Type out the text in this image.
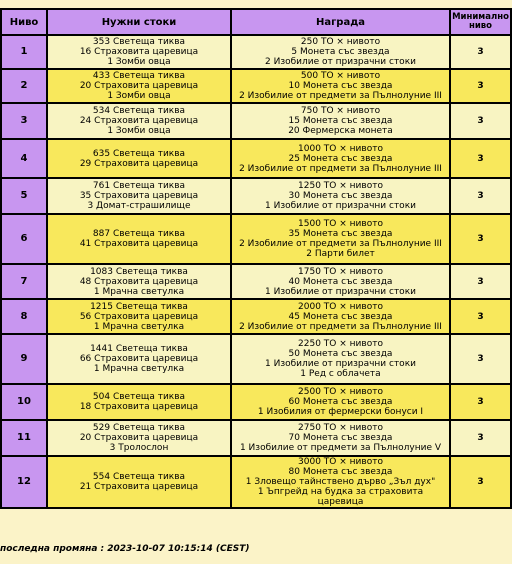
Ниво	Нужни стоки	Награда	Минимално ниво
1	353 Светеща тиква
16 Страховита царевица
1 Зомби овца	250 ТО × нивото
5 Монета със звезда
2 Изобилие от призрачни стоки	3
2	433 Светеща тиква
20 Страховита царевица
1 Зомби овца	500 ТО × нивото
10 Монета със звезда
2 Изобилие от предмети за Пълнолуние III	3
3	534 Светеща тиква
24 Страховита царевица
1 Зомби овца	750 ТО × нивото
15 Монета със звезда
20 Фермерска монета	3
4	635 Светеща тиква
29 Страховита царевица	1000 ТО × нивото
25 Монета със звезда
2 Изобилие от предмети за Пълнолуние III	3
5	761 Светеща тиква
35 Страховита царевица
3 Домат-страшилище	1250 ТО × нивото
30 Монета със звезда
1 Изобилие от призрачни стоки	3
6	887 Светеща тиква
41 Страховита царевица	1500 ТО × нивото
35 Монета със звезда
2 Изобилие от предмети за Пълнолуние III
2 Парти билет	3
7	1083 Светеща тиква
48 Страховита царевица
1 Мрачна светулка	1750 ТО × нивото
40 Монета със звезда
1 Изобилие от призрачни стоки	3
8	1215 Светеща тиква
56 Страховита царевица
1 Мрачна светулка	2000 ТО × нивото
45 Монета със звезда
2 Изобилие от предмети за Пълнолуние III	3
9	1441 Светеща тиква
66 Страховита царевица
1 Мрачна светулка	2250 ТО × нивото
50 Монета със звезда
1 Изобилие от призрачни стоки
1 Ред с облачета	3
10	504 Светеща тиква
18 Страховита царевица	2500 ТО × нивото
60 Монета със звезда
1 Изобилия от фермерски бонуси I	3
11	529 Светеща тиква
20 Страховита царевица
3 Тролослон	2750 ТО × нивото
70 Монета със звезда
1 Изобилие от предмети за Пълнолуние V	3
12	554 Светеща тиква
21 Страховита царевица	3000 ТО × нивото
80 Монета със звезда
1 Зловещо тайнствено дърво „Зъл дух"
1 Ъпгрейд на будка за страховита
царевица	3
последна промяна : 2023-10-07 10:15:14 (CEST)
